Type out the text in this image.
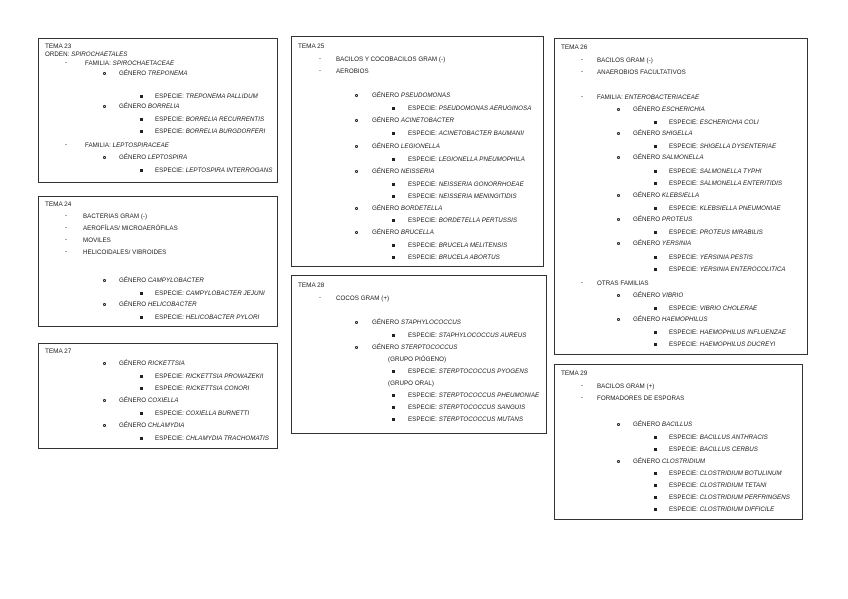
TEMA 23
ORDEN: SPIROCHAETALES
-	FAMILIA: SPIROCHAETACEAE
GÉNERO TREPONEMA
ESPECIE: TREPONEMA PALLIDUM
GÉNERO BORRELIA
ESPECIE: BORRELIA RECURRENTIS
ESPECIE: BORRELIA BURGDORFERI
-	FAMILIA: LEPTOSPIRACEAE
GÉNERO LEPTOSPIRA
ESPECIE: LEPTOSPIRA INTERROGANS
TEMA 24
-	BACTERIAS GRAM (-)
-	AEROFÍLAS/ MICROAERÓFILAS
-	MOVILES
-	HELICOIDALES/ VIBROIDES
GÉNERO CAMPYLOBACTER
ESPECIE: CAMPYLOBACTER JEJUNI
GÉNERO HELICOBACTER
ESPECIE: HELICOBACTER PYLORI
TEMA 27
GÉNERO RICKETTSIA
ESPECIE: RICKETTSIA PROWAZEKII
ESPECIE: RICKETTSIA CONORI
GÉNERO COXIELLA
ESPECIE: COXIELLA BURNETTI
GÉNERO CHLAMYDIA
ESPECIE: CHLAMYDIA TRACHOMATIS
TEMA 25
- BACILOS Y COCOBACILOS GRAM (-)
- AEROBIOS
GÉNERO PSEUDOMONAS
ESPECIE: PSEUDOMONAS AERUGINOSA
GÉNERO ACINETOBACTER
ESPECIE: ACINETOBACTER BAUMANII
GÉNERO LEGIONELLA
ESPECIE: LEGIONELLA PNEUMOPHILA
GÉNERO NEISSERIA
ESPECIE: NEISSERIA GONORRHOEAE
ESPECIE: NEISSERIA MENINGITIDIS
GÉNERO BORDETELLA
ESPECIE: BORDETELLA PERTUSSIS
GÉNERO BRUCELLA
ESPECIE: BRUCELA MELITENSIS
ESPECIE: BRUCELA ABORTUS
TEMA 28
- COCOS GRAM (+)
GÉNERO STAPHYLOCOCCUS
ESPECIE: STAPHYLOCOCCUS AUREUS
GÉNERO STERPTOCOCCUS
(GRUPO PIÓGENO)
ESPECIE: STERPTOCOCCUS PYOGENS
(GRUPO ORAL)
ESPECIE: STERPTOCOCCUS PHEUMONIAE
ESPECIE: STERPTOCOCCUS SANGUIS
ESPECIE: STERPTOCOCCUS MUTANS
TEMA 26
- BACILOS GRAM (-)
- ANAEROBIOS FACULTATIVOS
- FAMILIA: ENTEROBACTERIACEAE
GÉNERO ESCHERICHIA
ESPECIE: ESCHERICHIA COLI
GÉNERO SHIGELLA
ESPECIE: SHIGELLA DYSENTERIAE
GÉNERO SALMONELLA
ESPECIE: SALMONELLA TYPHI
ESPECIE: SALMONELLA ENTERITIDIS
GÉNERO KLEBSIELLA
ESPECIE: KLEBSIELLA PNEUMONIAE
GÉNERO PROTEUS
ESPECIE: PROTEUS MIRABILIS
GÉNERO YERSINIA
ESPECIE: YERSINIA PESTIS
ESPECIE: YERSINIA ENTEROCOLITICA
- OTRAS FAMILIAS
GÉNERO VIBRIO
ESPECIE: VIBRIO CHOLERAE
GÉNERO HAEMOPHILUS
ESPECIE: HAEMOPHILUS INFLUENZAE
ESPECIE: HAEMOPHILUS DUCREYI
TEMA 29
- BACILOS GRAM (+)
- FORMADORES DE ESPORAS
GÉNERO BACILLUS
ESPECIE: BACILLUS ANTHRACIS
ESPECIE: BACILLUS CERBUS
GÉNERO CLOSTRIDIUM
ESPECIE: CLOSTRIDIUM BOTULINUM
ESPECIE: CLOSTRIDIUM TETANI
ESPECIE: CLOSTRIDIUM PERFRINGENS
ESPECIE: CLOSTRIDIUM DIFFICILE
